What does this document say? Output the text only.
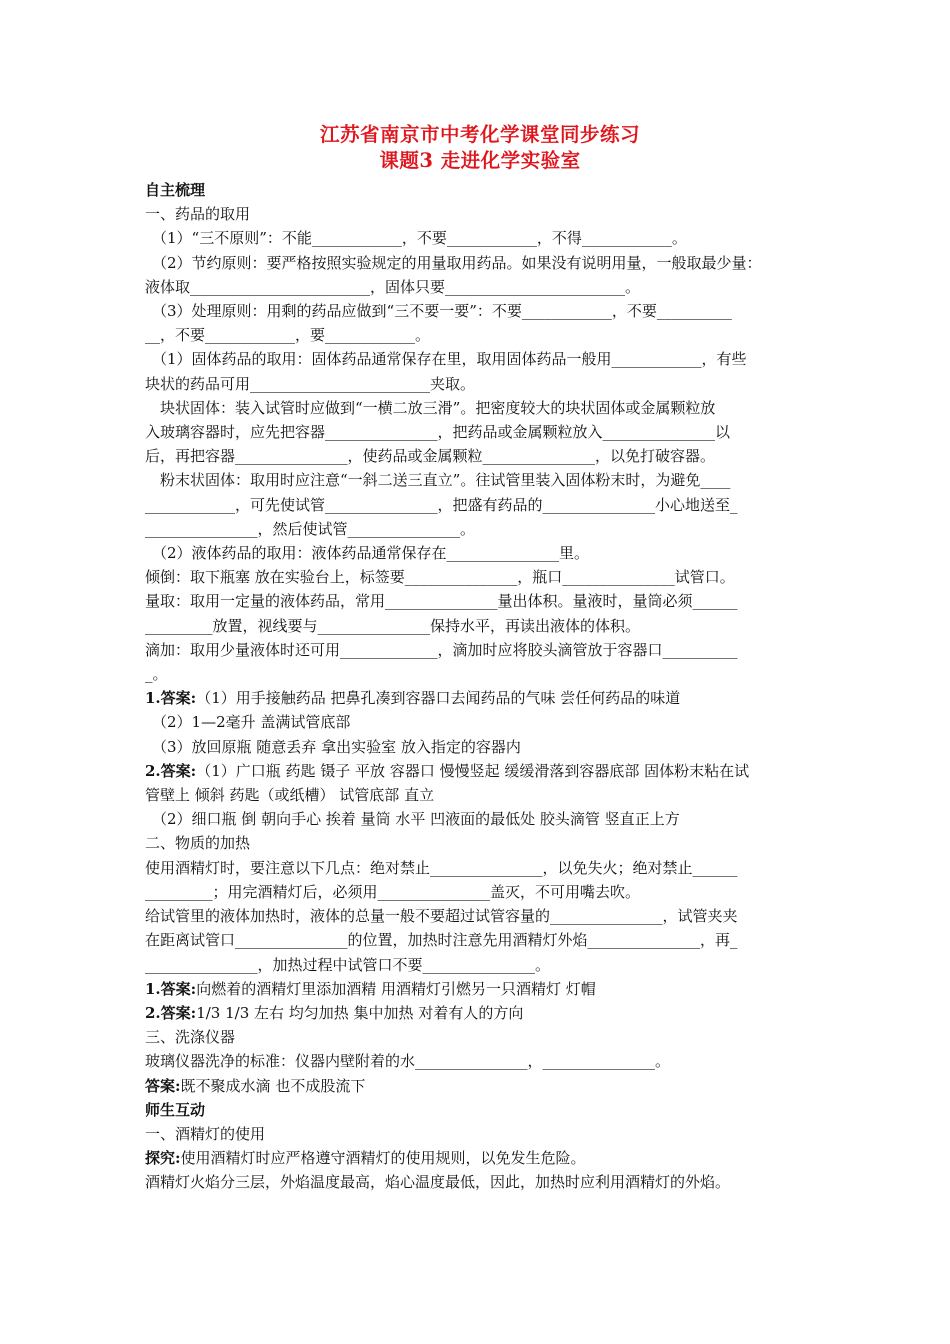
江苏省南京市中考化学课堂同步练习
课题3 走进化学实验室
自主梳理
一、药品的取用
（1）“三不原则”：不能____________，不要____________，不得____________。
（2）节约原则：要严格按照实验规定的用量取用药品。如果没有说明用量，一般取最少量：
液体取________________________，固体只要________________________。
（3）处理原则：用剩的药品应做到“三不要一要”：不要____________，不要__________
__，不要____________，要____________。
（1）固体药品的取用：固体药品通常保存在里，取用固体药品一般用____________，有些
块状的药品可用________________________夹取。
块状固体：装入试管时应做到“一横二放三滑”。把密度较大的块状固体或金属颗粒放
入玻璃容器时，应先把容器_______________，把药品或金属颗粒放入_______________以
后，再把容器_______________，使药品或金属颗粒_______________，以免打破容器。
粉末状固体：取用时应注意“一斜二送三直立”。往试管里装入固体粉末时，为避免____
____________，可先使试管_______________，把盛有药品的_______________小心地送至_
_______________，然后使试管_______________。
（2）液体药品的取用：液体药品通常保存在_______________里。
倾倒：取下瓶塞 放在实验台上，标签要_______________，瓶口_______________试管口。
量取：取用一定量的液体药品，常用_______________量出体积。量液时，量筒必须______
_________放置，视线要与_______________保持水平，再读出液体的体积。
滴加：取用少量液体时还可用_____________，滴加时应将胶头滴管放于容器口__________
_。
1.答案:（1）用手接触药品 把鼻孔凑到容器口去闻药品的气味 尝任何药品的味道
（2）1—2毫升 盖满试管底部
（3）放回原瓶 随意丢弃 拿出实验室 放入指定的容器内
2.答案:（1）广口瓶 药匙 镊子 平放 容器口 慢慢竖起 缓缓滑落到容器底部 固体粉末粘在试
管壁上 倾斜 药匙（或纸槽） 试管底部 直立
（2）细口瓶 倒 朝向手心 挨着 量筒 水平 凹液面的最低处 胶头滴管 竖直正上方
二、物质的加热
使用酒精灯时，要注意以下几点：绝对禁止_______________，以免失火；绝对禁止______
_________；用完酒精灯后，必须用_______________盖灭，不可用嘴去吹。
给试管里的液体加热时，液体的总量一般不要超过试管容量的_______________，试管夹夹
在距离试管口_______________的位置，加热时注意先用酒精灯外焰_______________，再_
_______________，加热过程中试管口不要_______________。
1.答案:向燃着的酒精灯里添加酒精 用酒精灯引燃另一只酒精灯 灯帽
2.答案:1/3 1/3 左右 均匀加热 集中加热 对着有人的方向
三、洗涤仪器
玻璃仪器洗净的标准：仪器内壁附着的水_______________，_______________。
答案:既不聚成水滴 也不成股流下
师生互动
一、酒精灯的使用
探究:使用酒精灯时应严格遵守酒精灯的使用规则，以免发生危险。
酒精灯火焰分三层，外焰温度最高，焰心温度最低，因此，加热时应利用酒精灯的外焰。
